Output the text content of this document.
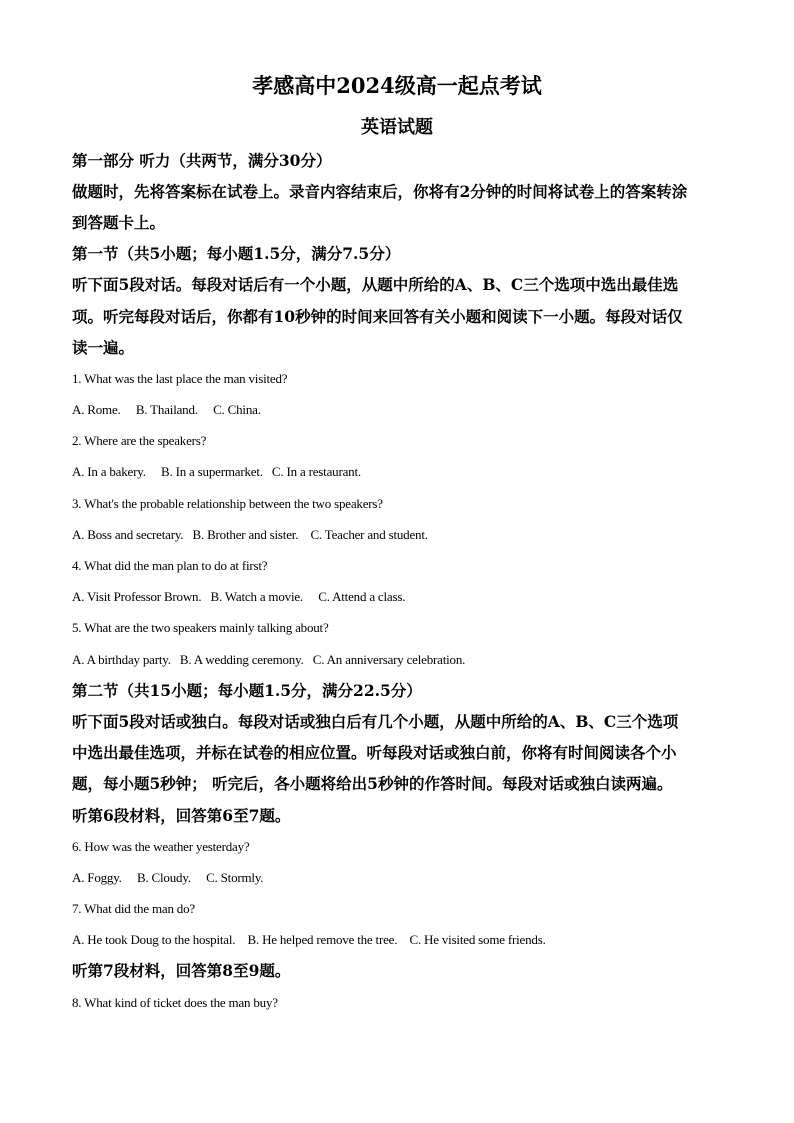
孝感高中2024级高一起点考试
英语试题
第一部分 听力（共两节，满分30分）
做题时，先将答案标在试卷上。录音内容结束后，你将有2分钟的时间将试卷上的答案转涂
到答题卡上。
第一节（共5小题；每小题1.5分，满分7.5分）
听下面5段对话。每段对话后有一个小题，从题中所给的A、B、C三个选项中选出最佳选
项。听完每段对话后，你都有10秒钟的时间来回答有关小题和阅读下一小题。每段对话仅
读一遍。
1. What was the last place the man visited?
A. Rome.     B. Thailand.     C. China.
2. Where are the speakers?
A. In a bakery.     B. In a supermarket.   C. In a restaurant.
3. What's the probable relationship between the two speakers?
A. Boss and secretary.   B. Brother and sister.    C. Teacher and student.
4. What did the man plan to do at first?
A. Visit Professor Brown.   B. Watch a movie.     C. Attend a class.
5. What are the two speakers mainly talking about?
A. A birthday party.   B. A wedding ceremony.   C. An anniversary celebration.
第二节（共15小题；每小题1.5分，满分22.5分）
听下面5段对话或独白。每段对话或独白后有几个小题，从题中所给的A、B、C三个选项
中选出最佳选项，并标在试卷的相应位置。听每段对话或独白前，你将有时间阅读各个小
题，每小题5秒钟； 听完后，各小题将给出5秒钟的作答时间。每段对话或独白读两遍。
听第6段材料，回答第6至7题。
6. How was the weather yesterday?
A. Foggy.     B. Cloudy.     C. Stormly.
7. What did the man do?
A. He took Doug to the hospital.    B. He helped remove the tree.    C. He visited some friends.
听第7段材料，回答第8至9题。
8. What kind of ticket does the man buy?
